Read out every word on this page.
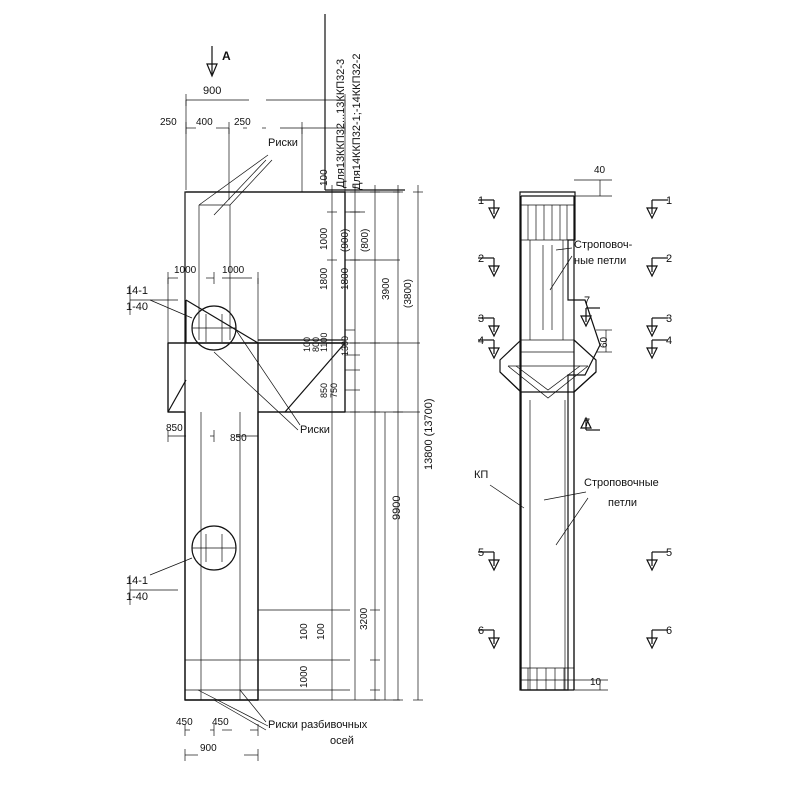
A
900
250 400 250
Риски
Риски
Риски разбивочных
осей
14-1
1-40
14-1
1-40
1000	1000
850
850
450 450
900
Для13ККП32...13ККП32-3 Для14ККП32-1;-14ККП32-2
100
1000 (900) (800)
1800 1800	3900 (3800)
1100 1300
800
100
750
850
13800 (13700)
9900
3200
100 100
1000
40
10
60
1	1
2	2
3	3
4	4
5	5
6	6
7
7
Строповоч-
ные петли
Строповочные
петли
КП
